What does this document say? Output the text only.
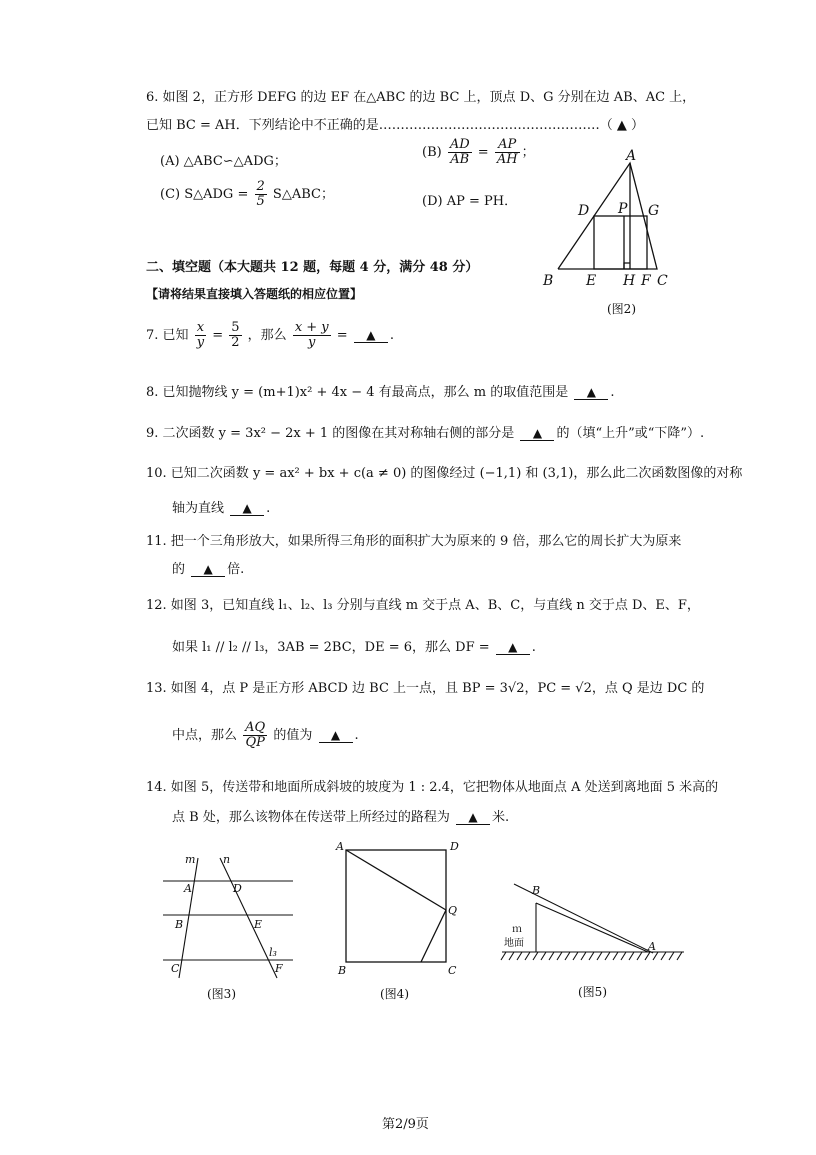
6. 如图 2，正方形 DEFG 的边 EF 在△ABC 的边 BC 上，顶点 D、G 分别在边 AB、AC 上，
已知 BC = AH．下列结论中不正确的是……………………………………………（ ▲ ）
(A) △ABC∽△ADG；
$(B) \frac{AD}{AB} = \frac{AP}{AH}$ ；
(C) S△ADG = $\frac{2}{5}$ S△ABC；	(D) AP = PH．
A
B	C
D
E	F
G
H
P
(图2)
二、填空题（本大题共 12 题，每题 4 分，满分 48 分）
【请将结果直接填入答题纸的相应位置】
7. 已知 $\frac{x}{y} = \frac{5}{2}$ ，那么 $\frac{x + y}{y}$ = ▲ .
8. 已知抛物线 y = (m+1)x² + 4x − 4 有最高点，那么 m 的取值范围是 ▲ .
9. 二次函数 y = 3x² − 2x + 1 的图像在其对称轴右侧的部分是 ▲ 的（填“上升”或“下降”）.
10. 已知二次函数 y = ax² + bx + c(a ≠ 0) 的图像经过 (−1,1) 和 (3,1)，那么此二次函数图像的对称
轴为直线 ▲ .
11. 把一个三角形放大，如果所得三角形的面积扩大为原来的 9 倍，那么它的周长扩大为原来
的 ▲ 倍.
12. 如图 3，已知直线 l₁、l₂、l₃ 分别与直线 m 交于点 A、B、C，与直线 n 交于点 D、E、F，
如果 l₁ // l₂ // l₃，3AB = 2BC，DE = 6，那么 DF = ▲ .
13. 如图 4，点 P 是正方形 ABCD 边 BC 上一点，且 BP = 3√2，PC = √2，点 Q 是边 DC 的
中点，那么 $\frac{AQ}{QP}$ 的值为 ▲ .
14. 如图 5，传送带和地面所成斜坡的坡度为 1 : 2.4，它把物体从地面点 A 处送到离地面 5 米高的
点 B 处，那么该物体在传送带上所经过的路程为 ▲ 米.
m	n
A
B
C
D
E
F
l₃
(图3)
A	D
B	C
Q
(图4)
B
A
ｍ
地面
(图5)
第2/9页
